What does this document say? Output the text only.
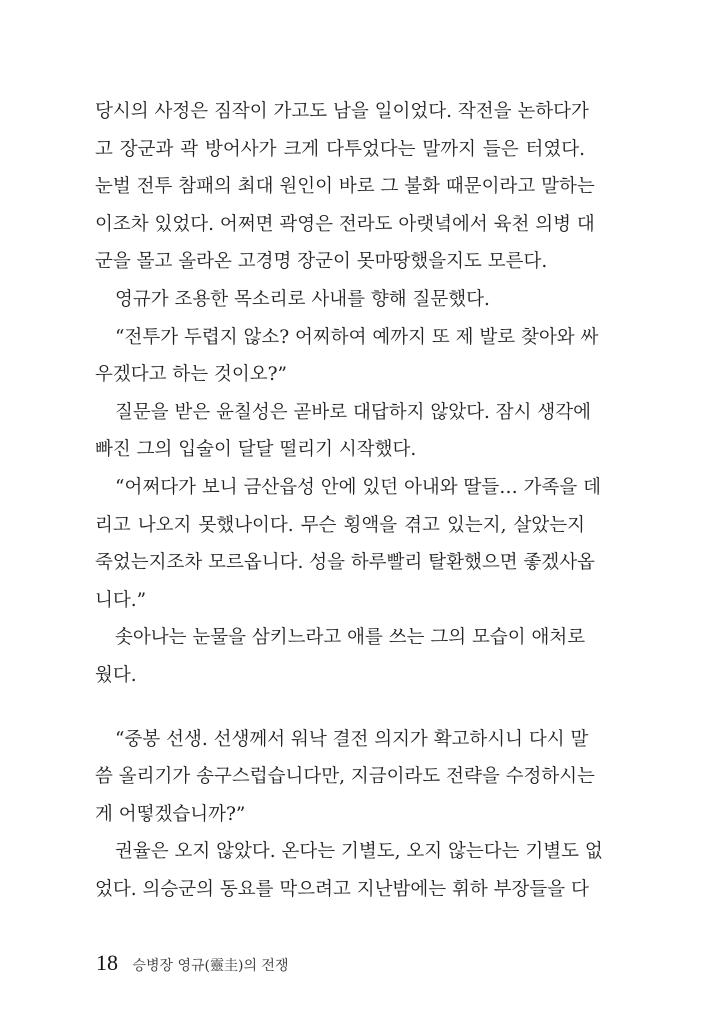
당시의 사정은 짐작이 가고도 남을 일이었다. 작전을 논하다가
고 장군과 곽 방어사가 크게 다투었다는 말까지 들은 터였다.
눈벌 전투 참패의 최대 원인이 바로 그 불화 때문이라고 말하는
이조차 있었다. 어쩌면 곽영은 전라도 아랫녘에서 육천 의병 대
군을 몰고 올라온 고경명 장군이 못마땅했을지도 모른다.
영규가 조용한 목소리로 사내를 향해 질문했다.
“전투가 두렵지 않소? 어찌하여 예까지 또 제 발로 찾아와 싸
우겠다고 하는 것이오?”
질문을 받은 윤칠성은 곧바로 대답하지 않았다. 잠시 생각에
빠진 그의 입술이 달달 떨리기 시작했다.
“어쩌다가 보니 금산읍성 안에 있던 아내와 딸들… 가족을 데
리고 나오지 못했나이다. 무슨 횡액을 겪고 있는지, 살았는지
죽었는지조차 모르옵니다. 성을 하루빨리 탈환했으면 좋겠사옵
니다.”
솟아나는 눈물을 삼키느라고 애를 쓰는 그의 모습이 애처로
웠다.
“중봉 선생. 선생께서 워낙 결전 의지가 확고하시니 다시 말
씀 올리기가 송구스럽습니다만, 지금이라도 전략을 수정하시는
게 어떻겠습니까?”
권율은 오지 않았다. 온다는 기별도, 오지 않는다는 기별도 없
었다. 의승군의 동요를 막으려고 지난밤에는 휘하 부장들을 다
18 승병장 영규(靈圭)의 전쟁
